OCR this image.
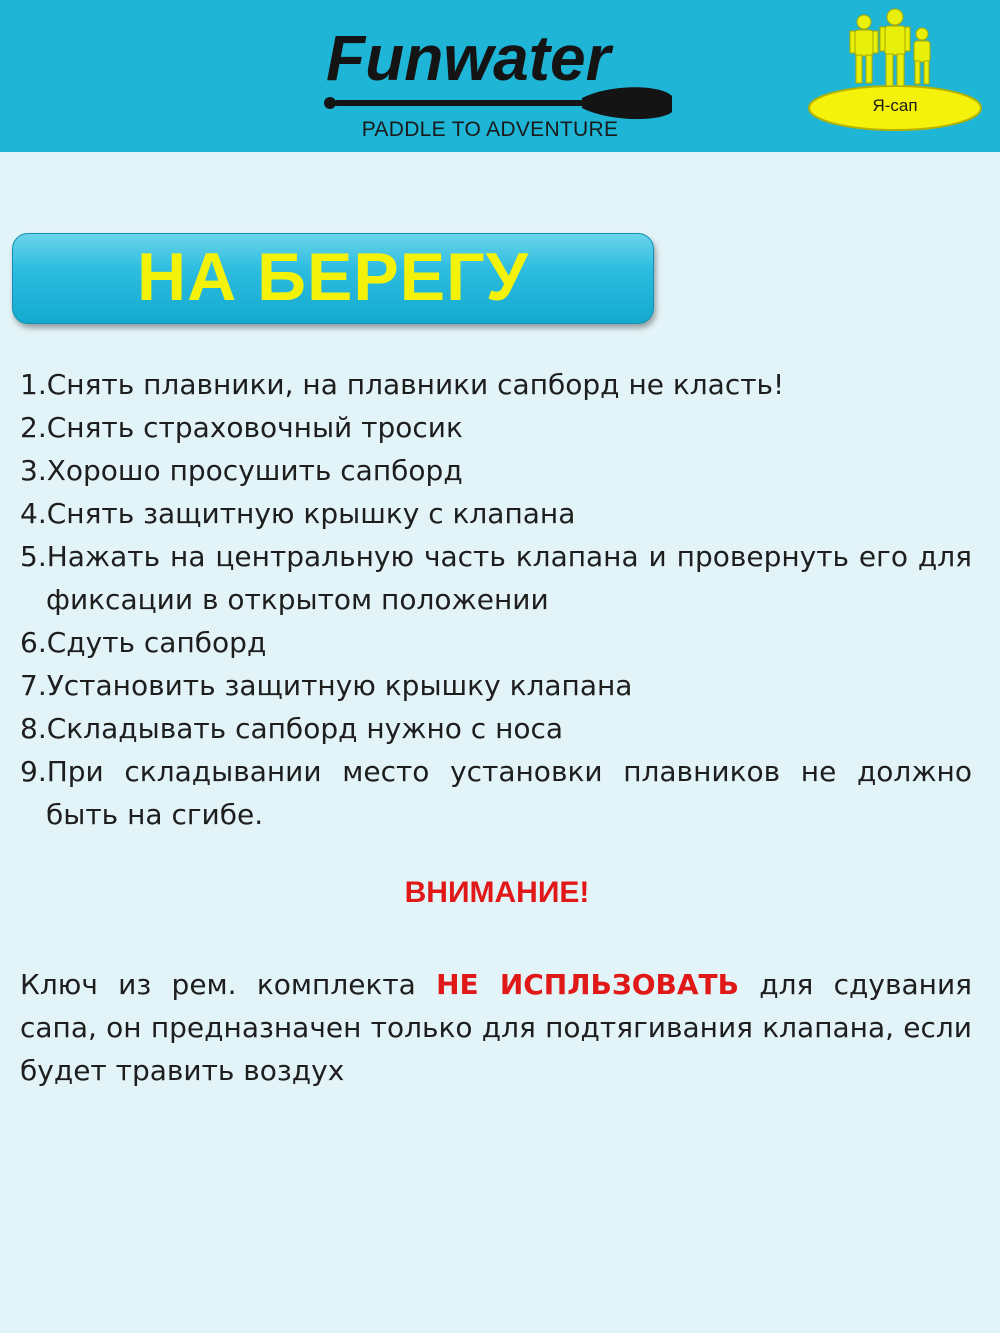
Funwater
®
PADDLE TO ADVENTURE
Я-сап
НА БЕРЕГУ
1.Снять плавники, на плавники сапборд не класть!
2.Снять страховочный тросик
3.Хорошо просушить сапборд
4.Снять защитную крышку с клапана
5.Нажать на центральную часть клапана и провернуть его для фиксации в открытом положении
6.Сдуть сапборд
7.Установить защитную крышку клапана
8.Складывать сапборд нужно с носа
9.При складывании место установки плавников не должно быть на сгибе.
ВНИМАНИЕ!

Ключ из рем. комплекта НЕ ИСПЛЬЗОВАТЬ для сдувания сапа, он предназначен только для подтягивания клапана, если будет травить воздух
